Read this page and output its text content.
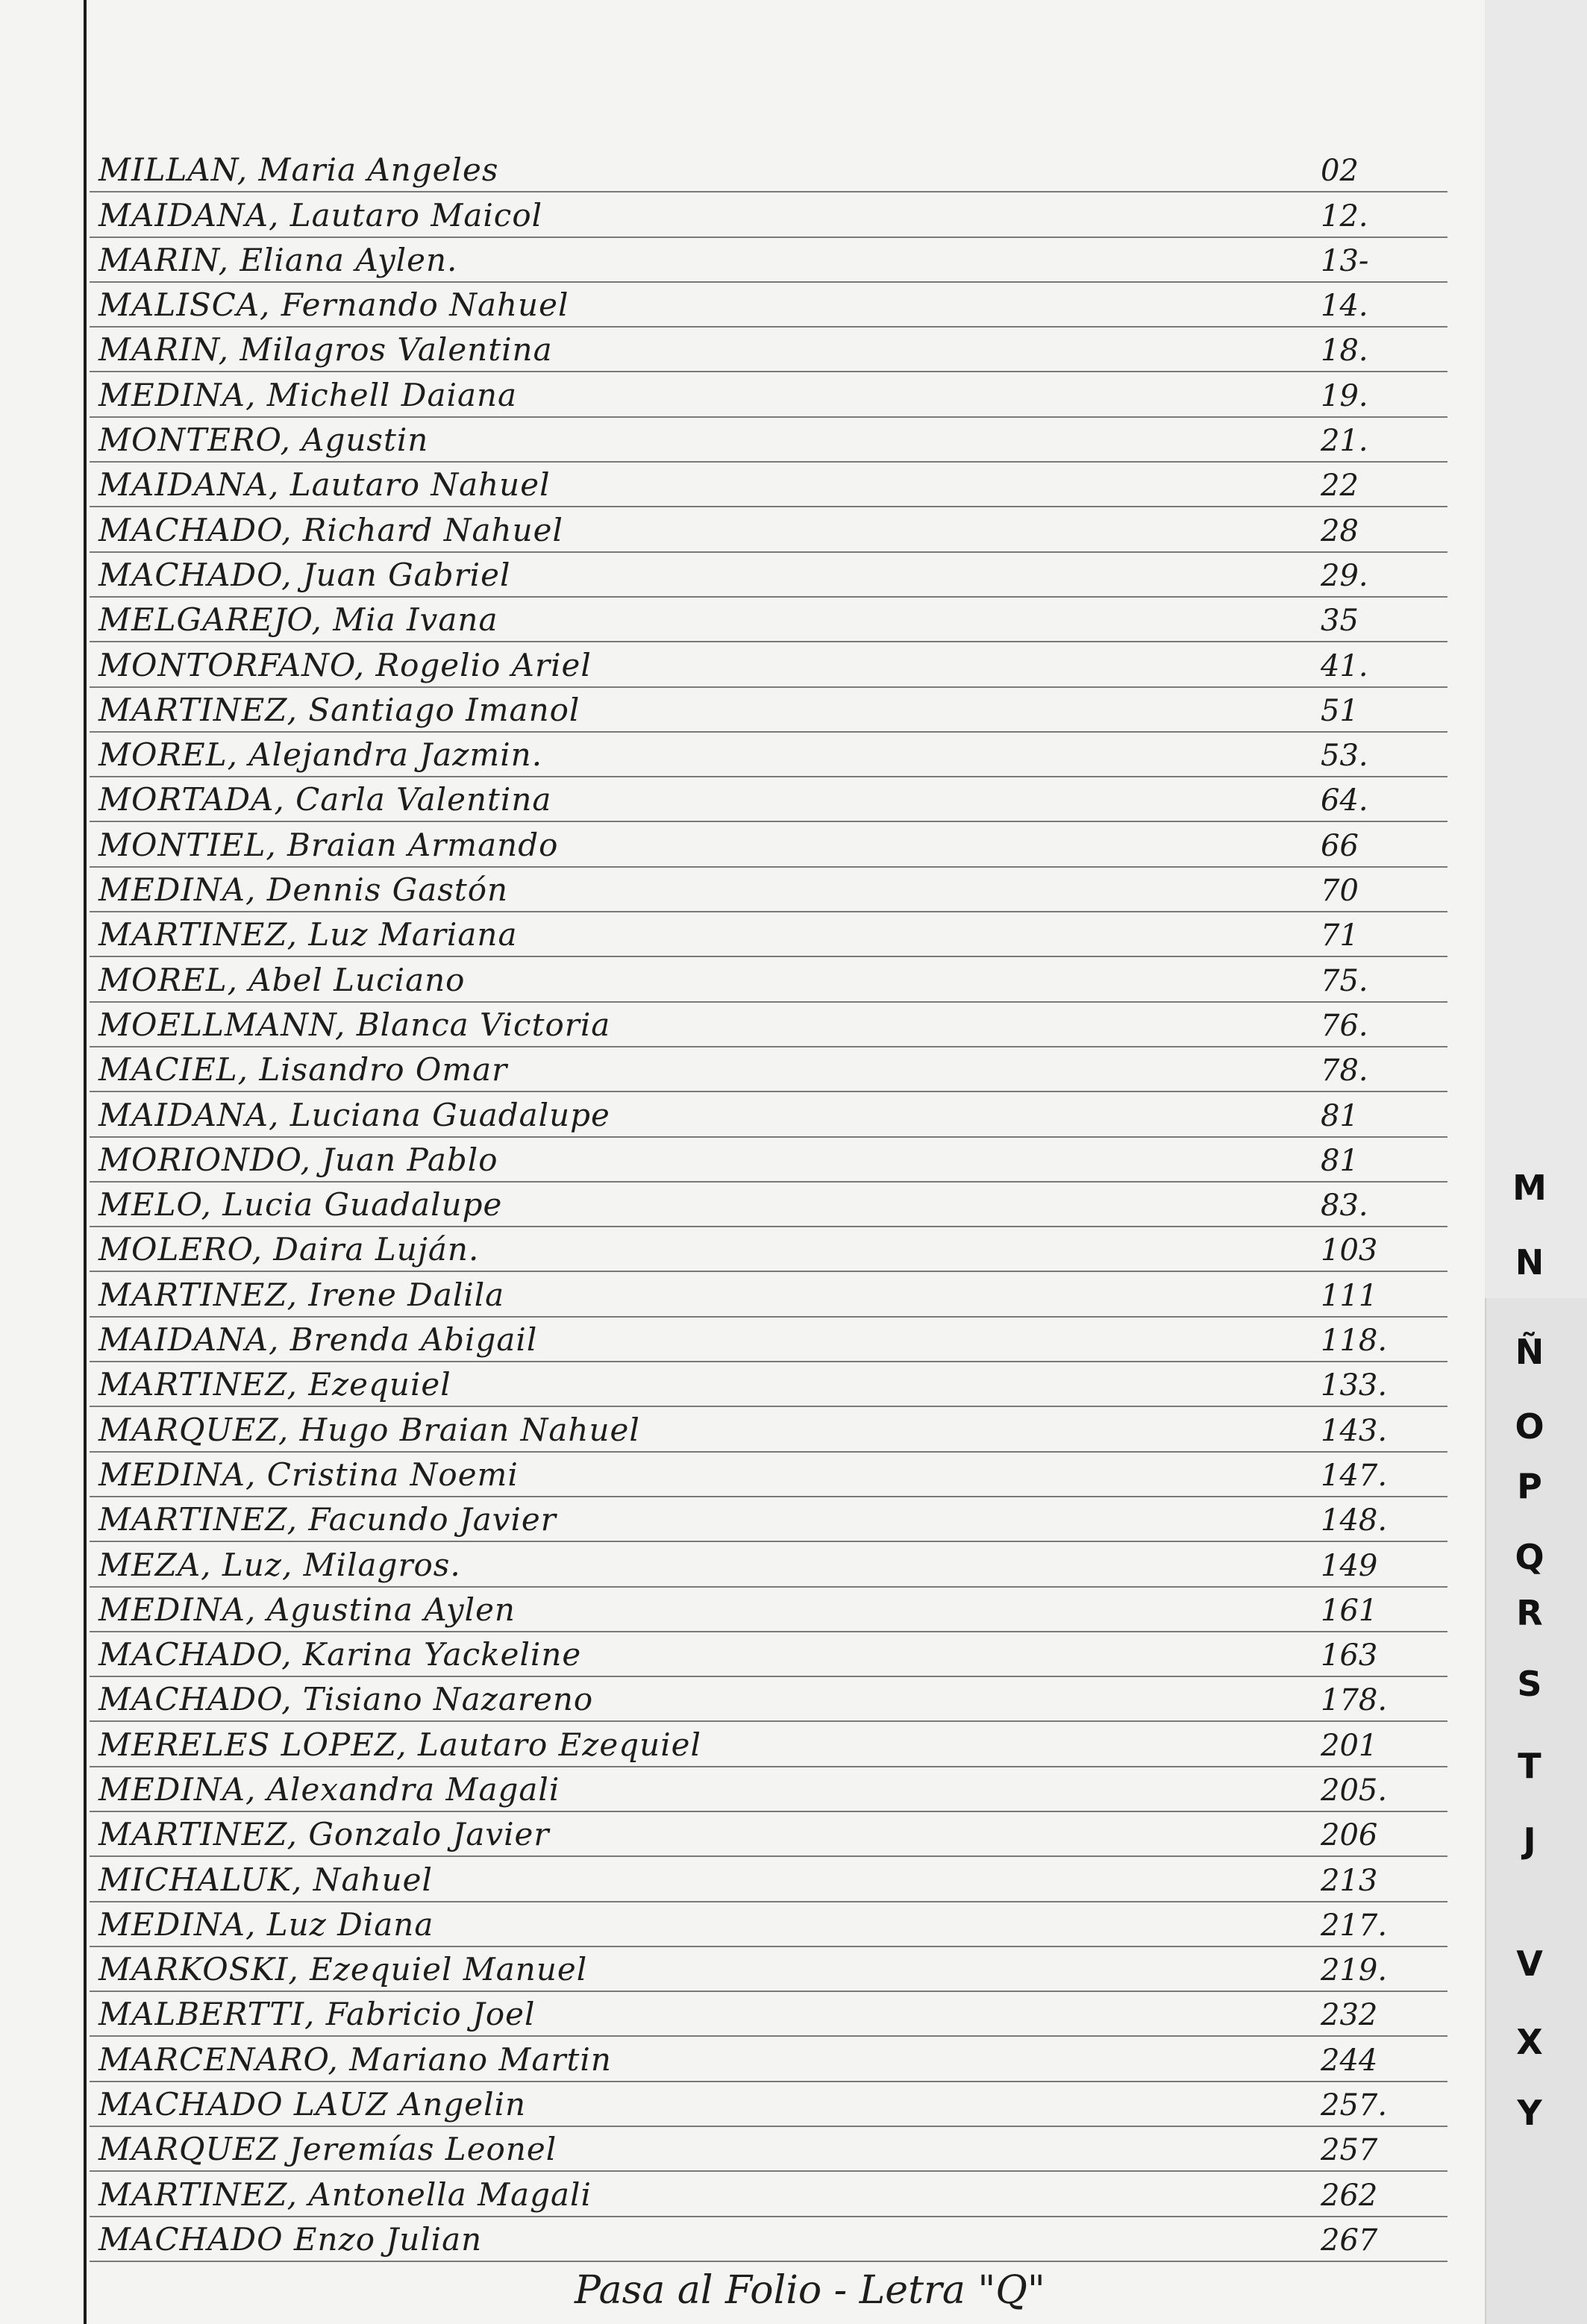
MILLAN, Maria Angeles	02
MAIDANA, Lautaro Maicol	12.
MARIN, Eliana Aylen.	13-
MALISCA, Fernando Nahuel	14.
MARIN, Milagros Valentina	18.
MEDINA, Michell Daiana	19.
MONTERO, Agustin	21.
MAIDANA, Lautaro Nahuel	22
MACHADO, Richard Nahuel	28
MACHADO, Juan Gabriel	29.
MELGAREJO, Mia Ivana	35
MONTORFANO, Rogelio Ariel	41.
MARTINEZ, Santiago Imanol	51
MOREL, Alejandra Jazmin.	53.
MORTADA, Carla Valentina	64.
MONTIEL, Braian Armando	66
MEDINA, Dennis Gastón	70
MARTINEZ, Luz Mariana	71
MOREL, Abel Luciano	75.
MOELLMANN, Blanca Victoria	76.
MACIEL, Lisandro Omar	78.
MAIDANA, Luciana Guadalupe	81
MORIONDO, Juan Pablo	81
MELO, Lucia Guadalupe	83.
MOLERO, Daira Luján.	103
MARTINEZ, Irene Dalila	111
MAIDANA, Brenda Abigail	118.
MARTINEZ, Ezequiel	133.
MARQUEZ, Hugo Braian Nahuel	143.
MEDINA, Cristina Noemi	147.
MARTINEZ, Facundo Javier	148.
MEZA, Luz, Milagros.	149
MEDINA, Agustina Aylen	161
MACHADO, Karina Yackeline	163
MACHADO, Tisiano Nazareno	178.
MERELES LOPEZ, Lautaro Ezequiel	201
MEDINA, Alexandra Magali	205.
MARTINEZ, Gonzalo Javier	206
MICHALUK, Nahuel	213
MEDINA, Luz Diana	217.
MARKOSKI, Ezequiel Manuel	219.
MALBERTTI, Fabricio Joel	232
MARCENARO, Mariano Martin	244
MACHADO LAUZ Angelin	257.
MARQUEZ Jeremías Leonel	257
MARTINEZ, Antonella Magali	262
MACHADO Enzo Julian	267
Pasa al Folio - Letra "Q"
M
N
Ñ
O
P
Q
R
S
T
J
V
X
Y
